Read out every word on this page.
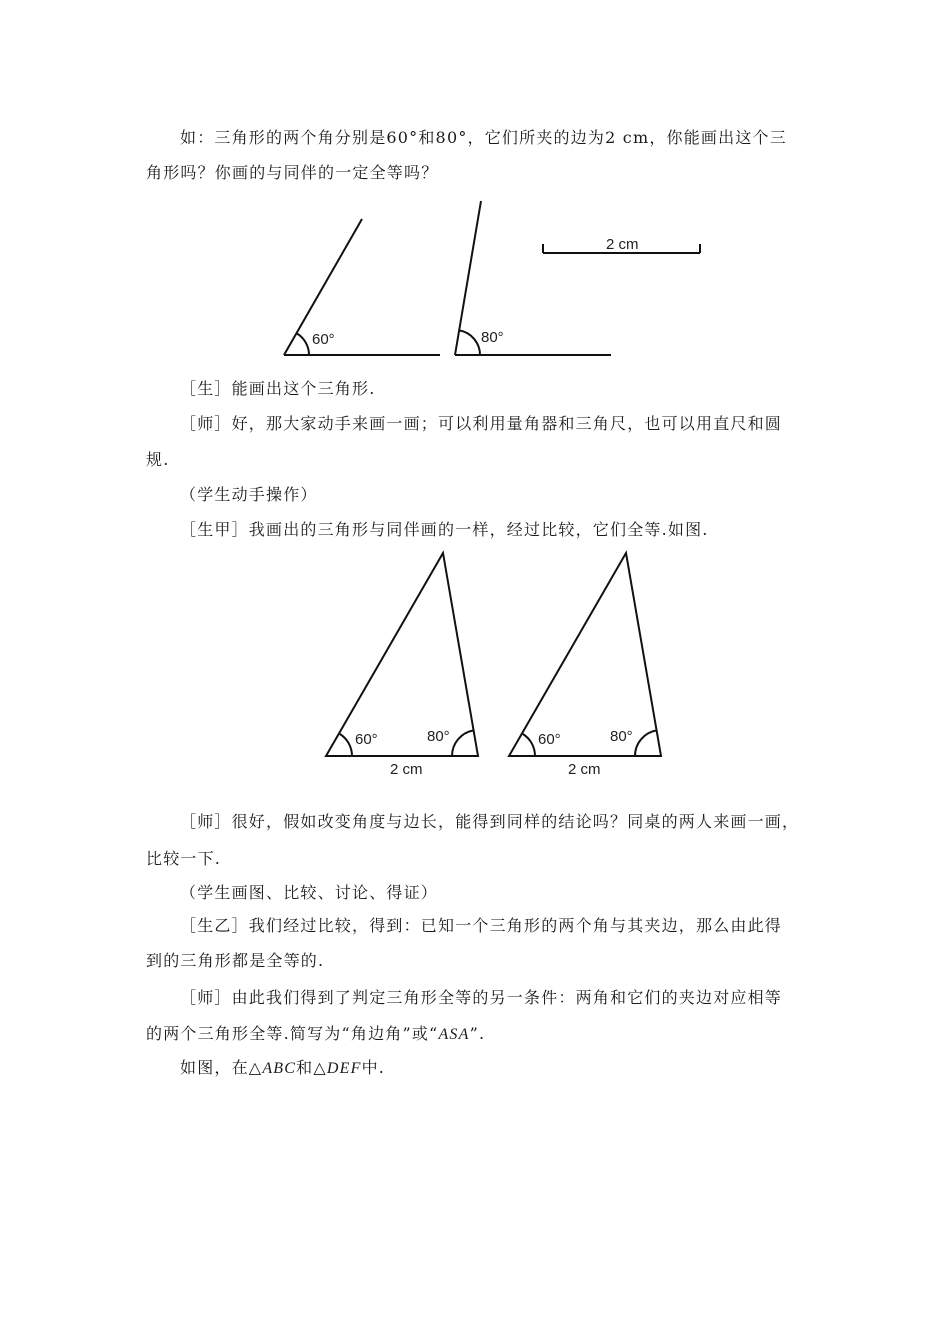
如：三角形的两个角分别是60°和80°，它们所夹的边为2 cm，你能画出这个三
角形吗？你画的与同伴的一定全等吗？
60°	80°
2 cm
［生］能画出这个三角形.
［师］好，那大家动手来画一画；可以利用量角器和三角尺，也可以用直尺和圆
规.
（学生动手操作）
［生甲］我画出的三角形与同伴画的一样，经过比较，它们全等.如图.
60°	80°
2 cm
60°	80°
2 cm
［师］很好，假如改变角度与边长，能得到同样的结论吗？同桌的两人来画一画，
比较一下.
（学生画图、比较、讨论、得证）
［生乙］我们经过比较，得到：已知一个三角形的两个角与其夹边，那么由此得
到的三角形都是全等的.
［师］由此我们得到了判定三角形全等的另一条件：两角和它们的夹边对应相等
的两个三角形全等.简写为“角边角”或“ASA”.
如图，在△ABC和△DEF中.
